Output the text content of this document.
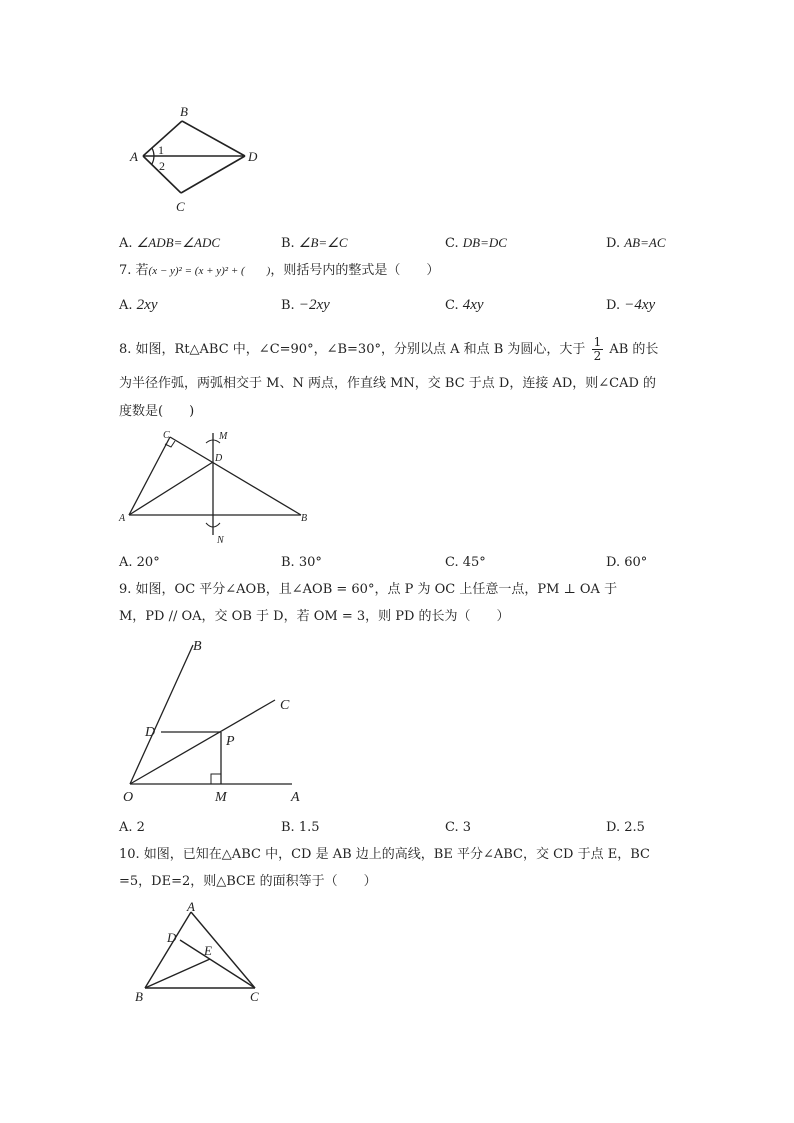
B
A	D
C
1
2
A. ∠ADB=∠ADC	B. ∠B=∠C	C. DB=DC	D. AB=AC
7. 若(x − y)² = (x + y)² + (　　)，则括号内的整式是（　　）
A. 2xy	B. −2xy	C. 4xy	D. −4xy
8. 如图，Rt△ABC 中，∠C=90°，∠B=30°，分别以点 A 和点 B 为圆心，大于 $\frac{1}{2}$ AB 的长
为半径作弧，两弧相交于 M、N 两点，作直线 MN，交 BC 于点 D，连接 AD，则∠CAD 的
度数是(　　)
C	M
D
A	B
N
A. 20°	B. 30°	C. 45°	D. 60°
9. 如图，OC 平分∠AOB，且∠AOB = 60°，点 P 为 OC 上任意一点，PM ⊥ OA 于
M，PD // OA，交 OB 于 D，若 OM = 3，则 PD 的长为（　　）
B
C
D
P
O	M	A
A. 2	B. 1.5	C. 3	D. 2.5
10. 如图，已知在△ABC 中，CD 是 AB 边上的高线，BE 平分∠ABC，交 CD 于点 E，BC
=5，DE=2，则△BCE 的面积等于（　　）
A
D
E
B	C
